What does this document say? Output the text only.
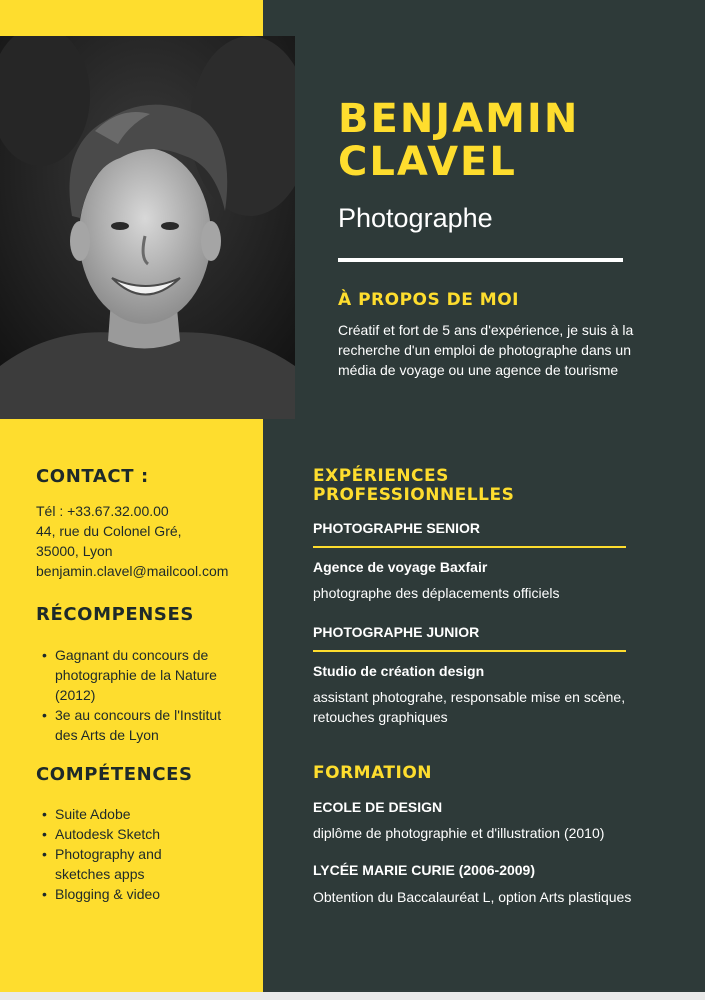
BENJAMIN
CLAVEL
Photographe
À PROPOS DE MOI
Créatif et fort de 5 ans d'expérience, je suis à la recherche d'un emploi de photographe dans un média de voyage ou une agence de tourisme
CONTACT :
Tél : +33.67.32.00.00
44, rue du Colonel Gré,
35000, Lyon
benjamin.clavel@mailcool.com
RÉCOMPENSES
• Gagnant du concours de
photographie de la Nature
(2012)
• 3e au concours de l'Institut
des Arts de Lyon
COMPÉTENCES
• Suite Adobe
• Autodesk Sketch
• Photography and
sketches apps
• Blogging & video
EXPÉRIENCES
PROFESSIONNELLES
PHOTOGRAPHE SENIOR
Agence de voyage Baxfair
photographe des déplacements officiels
PHOTOGRAPHE JUNIOR
Studio de création design
assistant photograhe, responsable mise en scène,
retouches graphiques
FORMATION
ECOLE DE DESIGN
diplôme de photographie et d'illustration (2010)
LYCÉE MARIE CURIE (2006-2009)
Obtention du Baccalauréat L, option Arts plastiques
